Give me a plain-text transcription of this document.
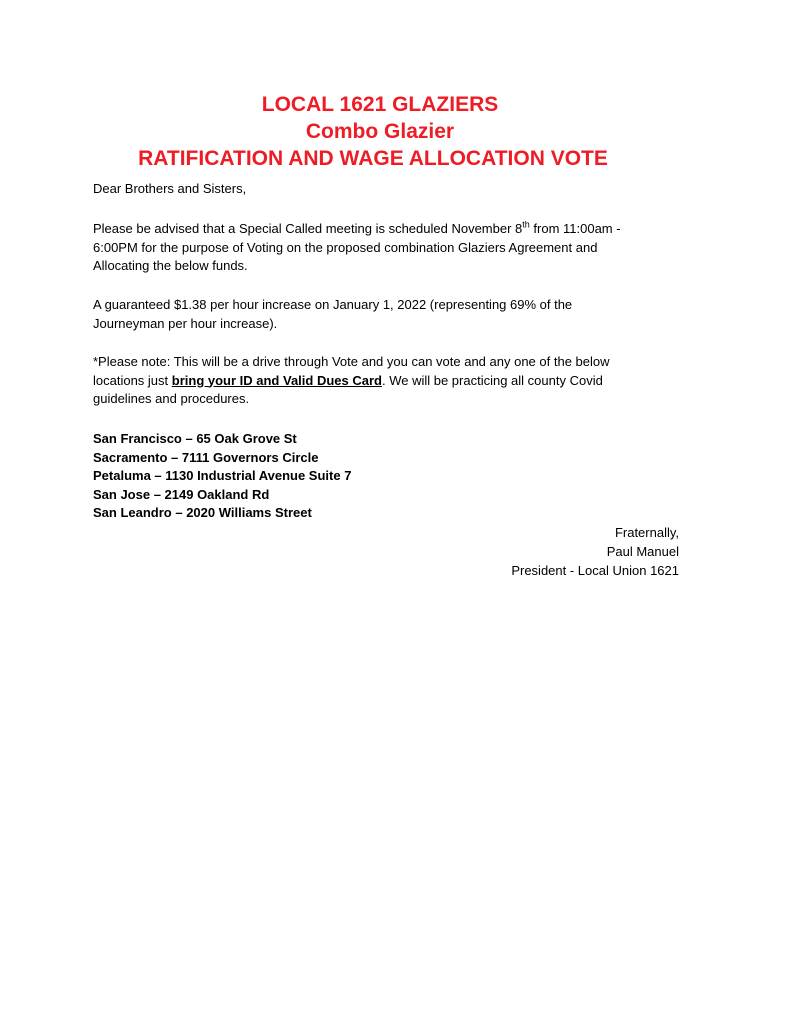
LOCAL 1621 GLAZIERS
Combo Glazier
RATIFICATION AND WAGE ALLOCATION VOTE
Dear Brothers and Sisters,
Please be advised that a Special Called meeting is scheduled November 8th from 11:00am -
6:00PM for the purpose of Voting on the proposed combination Glaziers Agreement and
Allocating the below funds.
A guaranteed $1.38 per hour increase on January 1, 2022 (representing 69% of the
Journeyman per hour increase).
*Please note: This will be a drive through Vote and you can vote and any one of the below
locations just bring your ID and Valid Dues Card. We will be practicing all county Covid
guidelines and procedures.
San Francisco – 65 Oak Grove St
Sacramento – 7111 Governors Circle
Petaluma – 1130 Industrial Avenue Suite 7
San Jose – 2149 Oakland Rd
San Leandro – 2020 Williams Street
Fraternally,
Paul Manuel
President - Local Union 1621
